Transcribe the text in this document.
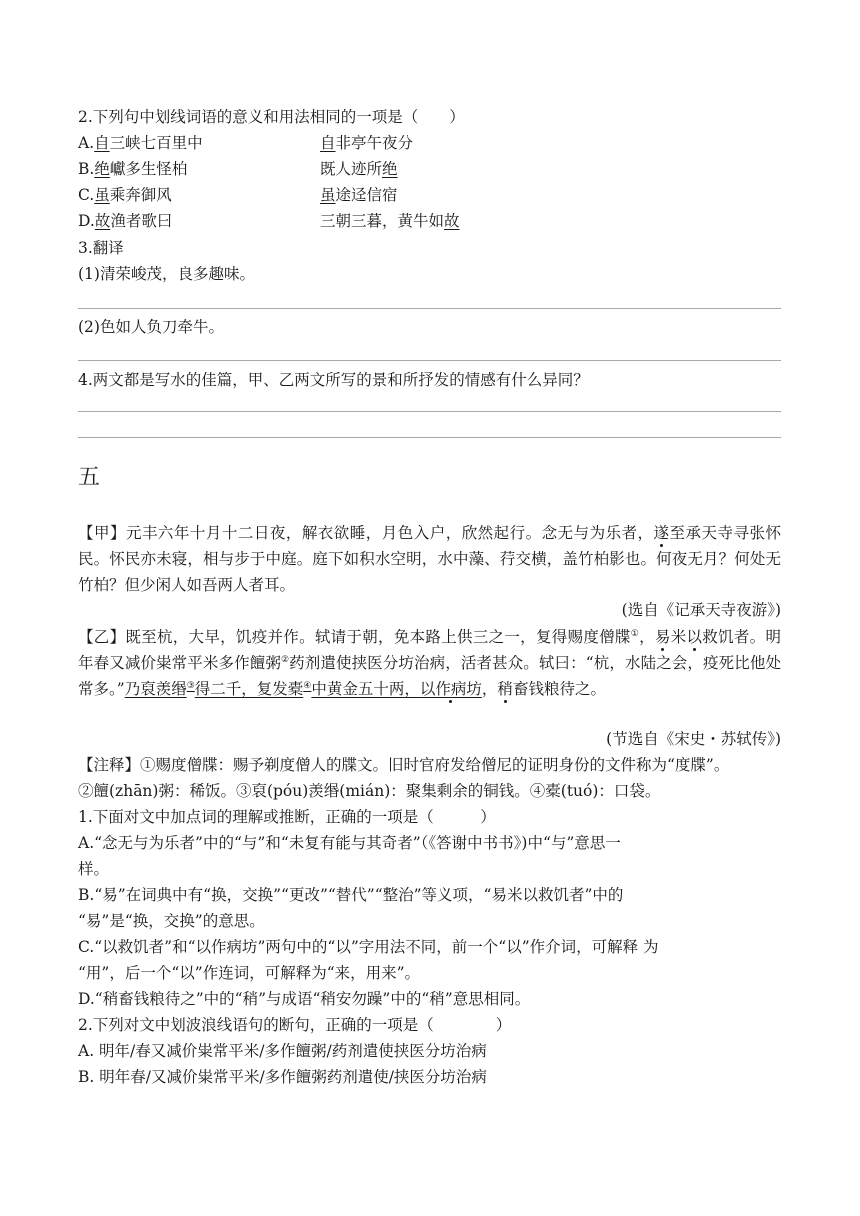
2.下列句中划线词语的意义和用法相同的一项是（　　）
A.自三峡七百里中	自非亭午夜分
B.绝巘多生怪柏	既人迹所绝
C.虽乘奔御风	虽途迳信宿
D.故渔者歌曰	三朝三暮，黄牛如故
3.翻译
(1)清荣峻茂，良多趣味。
(2)色如人负刀牵牛。
4.两文都是写水的佳篇，甲、乙两文所写的景和所抒发的情感有什么异同？
五
【甲】元丰六年十月十二日夜，解衣欲睡，月色入户，欣然起行。念无与为乐者，遂至承天寺寻张怀民。怀民亦未寝，相与步于中庭。庭下如积水空明，水中藻、荇交横，盖竹柏影也。何夜无月？何处无竹柏？但少闲人如吾两人者耳。
(选自《记承天寺夜游》)
【乙】既至杭，大早，饥疫并作。轼请于朝，免本路上供三之一，复得赐度僧牒①，易米以救饥者。明年春又减价粜常平米多作饘粥②药剂遣使挟医分坊治病，活者甚众。轼曰：“杭，水陆之会，疫死比他处常多。”乃裒羡缗③得二千，复发橐④中黄金五十两，以作病坊，稍畜钱粮待之。
(节选自《宋史・苏轼传》)
【注释】①赐度僧牒：赐予剃度僧人的牒文。旧时官府发给僧尼的证明身份的文件称为“度牒”。
②饘(zhān)粥：稀饭。③裒(póu)羡缗(mián)：聚集剩余的铜钱。④橐(tuó)：口袋。
1.下面对文中加点词的理解或推断，正确的一项是（　　　）
A.“念无与为乐者”中的“与”和“未复有能与其奇者”（《答谢中书书》)中“与”意思一
样。
B.“易”在词典中有“换，交换”“更改”“替代”“整治”等义项，“易米以救饥者”中的
“易”是“换，交换”的意思。
C.“以救饥者”和“以作病坊”两句中的“以”字用法不同，前一个“以”作介词，可解释 为
“用”，后一个“以”作连词，可解释为“来，用来”。
D.“稍畜钱粮待之”中的“稍”与成语“稍安勿躁”中的“稍”意思相同。
2.下列对文中划波浪线语句的断句，正确的一项是（　　　　）
A. 明年/春又减价粜常平米/多作饘粥/药剂遣使挟医分坊治病
B. 明年春/又减价粜常平米/多作饘粥药剂遣使/挟医分坊治病
